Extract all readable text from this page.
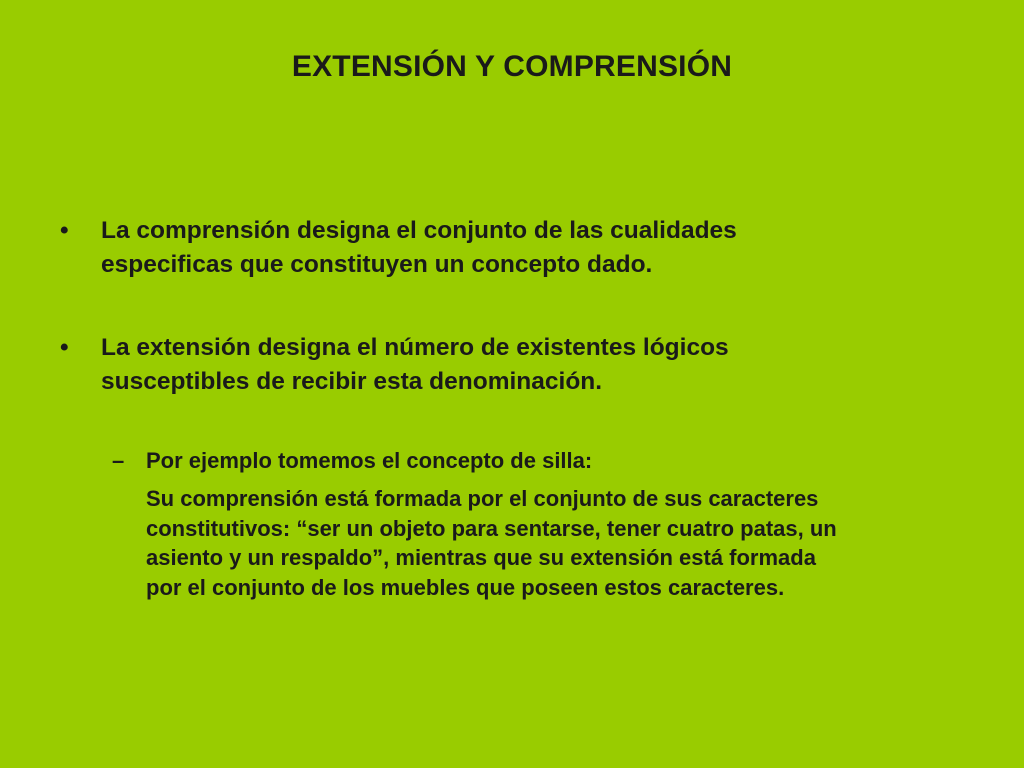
EXTENSIÓN Y COMPRENSIÓN
•	La comprensión designa el conjunto de las cualidades
especificas que constituyen un concepto dado.
•	La extensión designa el número de existentes lógicos
susceptibles de recibir esta denominación.
– Por ejemplo tomemos el concepto de silla:
Su comprensión está formada por el conjunto de sus caracteres
constitutivos: “ser un objeto para sentarse, tener cuatro patas, un
asiento y un respaldo”, mientras que su extensión está formada
por el conjunto de los muebles que poseen estos caracteres.
